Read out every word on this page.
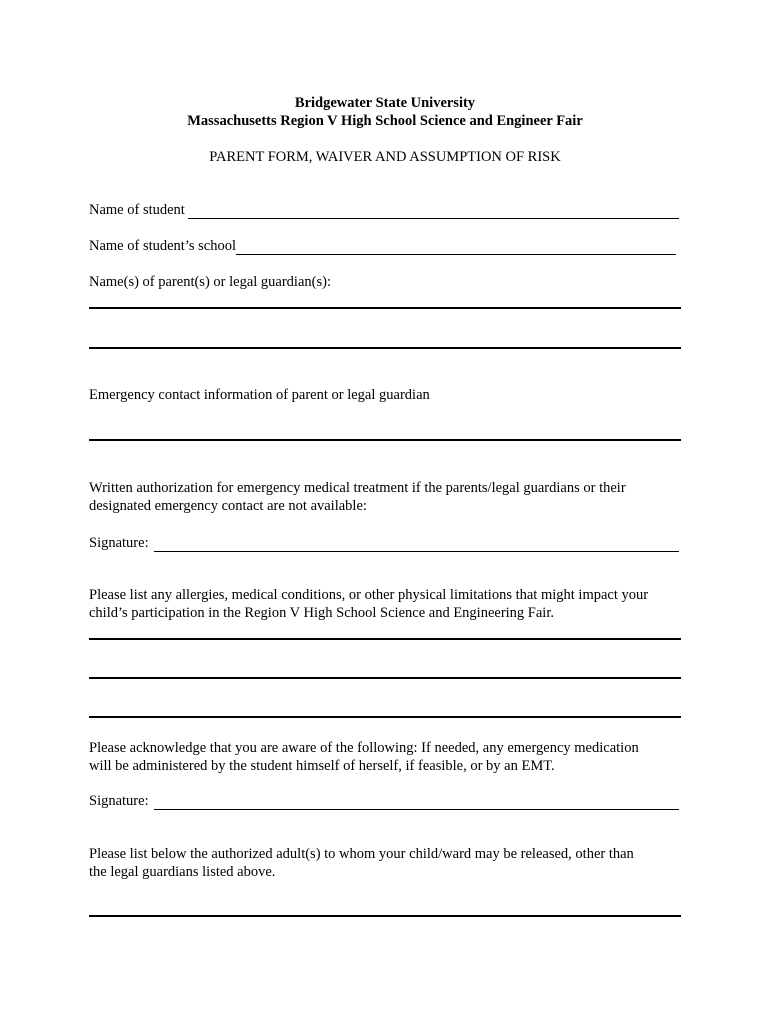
Bridgewater State University
Massachusetts Region V High School Science and Engineer Fair
PARENT FORM, WAIVER AND ASSUMPTION OF RISK
Name of student
Name of student’s school
Name(s) of parent(s) or legal guardian(s):
Emergency contact information of parent or legal guardian
Written authorization for emergency medical treatment if the parents/legal guardians or their
designated emergency contact are not available:
Signature:
Please list any allergies, medical conditions, or other physical limitations that might impact your
child’s participation in the Region V High School Science and Engineering Fair.
Please acknowledge that you are aware of the following: If needed, any emergency medication
will be administered by the student himself of herself, if feasible, or by an EMT.
Signature:
Please list below the authorized adult(s) to whom your child/ward may be released, other than
the legal guardians listed above.
